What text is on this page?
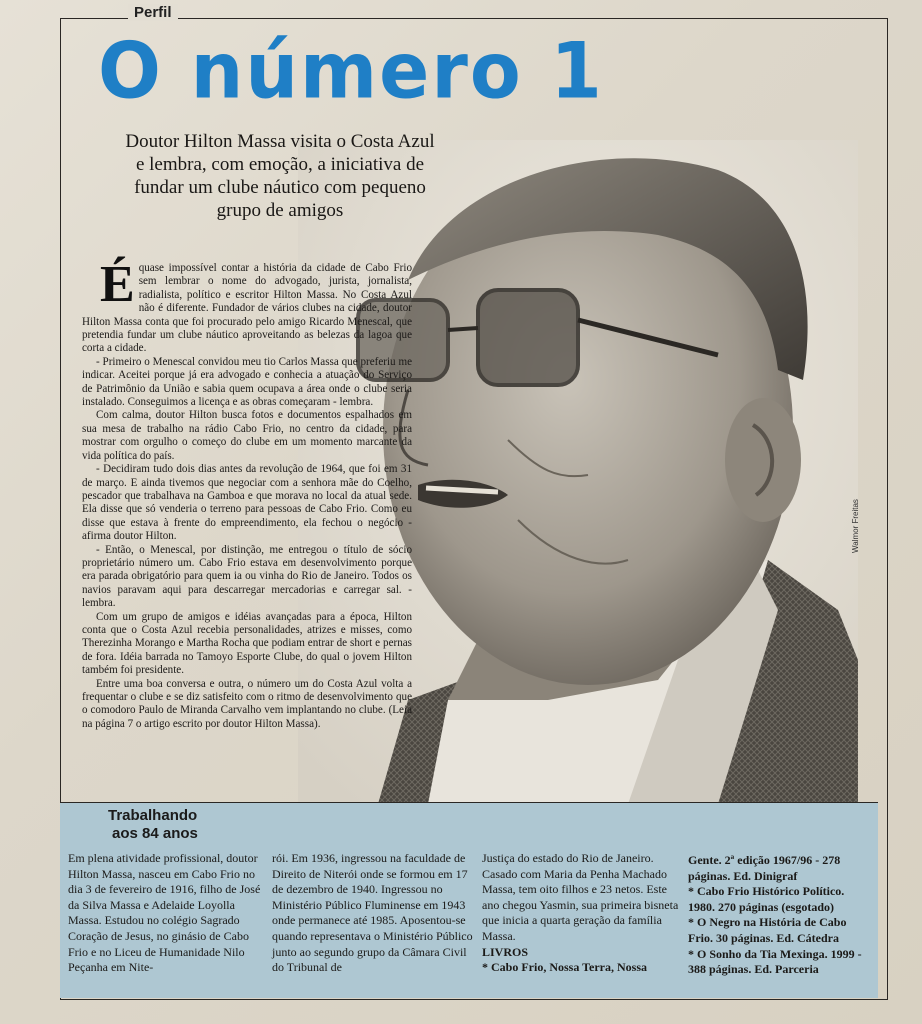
Perfil
O número 1
Walmor Freitas
Doutor Hilton Massa visita o Costa Azul e lembra, com emoção, a iniciativa de fundar um clube náutico com pequeno grupo de amigos

Équase impossível contar a história da cidade de Cabo Frio sem lembrar o nome do advogado, jurista, jornalista, radialista, político e escritor Hilton Massa. No Costa Azul não é diferente. Fundador de vários clubes na cidade, doutor Hilton Massa conta que foi procurado pelo amigo Ricardo Menescal, que pretendia fundar um clube náutico aproveitando as belezas da lagoa que corta a cidade.

- Primeiro o Menescal convidou meu tio Carlos Massa que preferiu me indicar. Aceitei porque já era advogado e conhecia a atuação do Serviço de Patrimônio da União e sabia quem ocupava a área onde o clube seria instalado. Conseguimos a licença e as obras começaram - lembra.

Com calma, doutor Hilton busca fotos e documentos espalhados em sua mesa de trabalho na rádio Cabo Frio, no centro da cidade, para mostrar com orgulho o começo do clube em um momento marcante da vida política do país.

- Decidiram tudo dois dias antes da revolução de 1964, que foi em 31 de março. E ainda tivemos que negociar com a senhora mãe do Coelho, pescador que trabalhava na Gamboa e que morava no local da atual sede. Ela disse que só venderia o terreno para pessoas de Cabo Frio. Como eu disse que estava à frente do empreendimento, ela fechou o negócio - afirma doutor Hilton.

- Então, o Menescal, por distinção, me entregou o título de sócio proprietário número um. Cabo Frio estava em desenvolvimento porque era parada obrigatório para quem ia ou vinha do Rio de Janeiro. Todos os navios paravam aqui para descarregar mercadorias e carregar sal. - lembra.

Com um grupo de amigos e idéias avançadas para a época, Hilton conta que o Costa Azul recebia personalidades, atrizes e misses, como Therezinha Morango e Martha Rocha que podiam entrar de short e pernas de fora. Idéia barrada no Tamoyo Esporte Clube, do qual o jovem Hilton também foi presidente.

Entre uma boa conversa e outra, o número um do Costa Azul volta a frequentar o clube e se diz satisfeito com o ritmo de desenvolvimento que o comodoro Paulo de Miranda Carvalho vem implantando no clube. (Leia na página 7 o artigo escrito por doutor Hilton Massa).

Trabalhando
aos 84 anos

Em plena atividade profissional, doutor Hilton Massa, nasceu em Cabo Frio no dia 3 de fevereiro de 1916, filho de José da Silva Massa e Adelaide Loyolla Massa. Estudou no colégio Sagrado Coração de Jesus, no ginásio de Cabo Frio e no Liceu de Humanidade Nilo Peçanha em Nite-

rói. Em 1936, ingressou na faculdade de Direito de Niterói onde se formou em 17 de dezembro de 1940. Ingressou no Ministério Público Fluminense em 1943 onde permanece até 1985. Aposentou-se quando representava o Ministério Público junto ao segundo grupo da Câmara Civil do Tribunal de

Justiça do estado do Rio de Janeiro. Casado com Maria da Penha Machado Massa, tem oito filhos e 23 netos. Este ano chegou Yasmin, sua primeira bisneta que inicia a quarta geração da família Massa.

LIVROS

* Cabo Frio, Nossa Terra, Nossa

Gente. 2ª edição 1967/96 - 278 páginas. Ed. Dinigraf

* Cabo Frio Histórico Político. 1980. 270 páginas (esgotado)

* O Negro na História de Cabo Frio. 30 páginas. Ed. Cátedra

* O Sonho da Tia Mexinga. 1999 - 388 páginas. Ed. Parceria
